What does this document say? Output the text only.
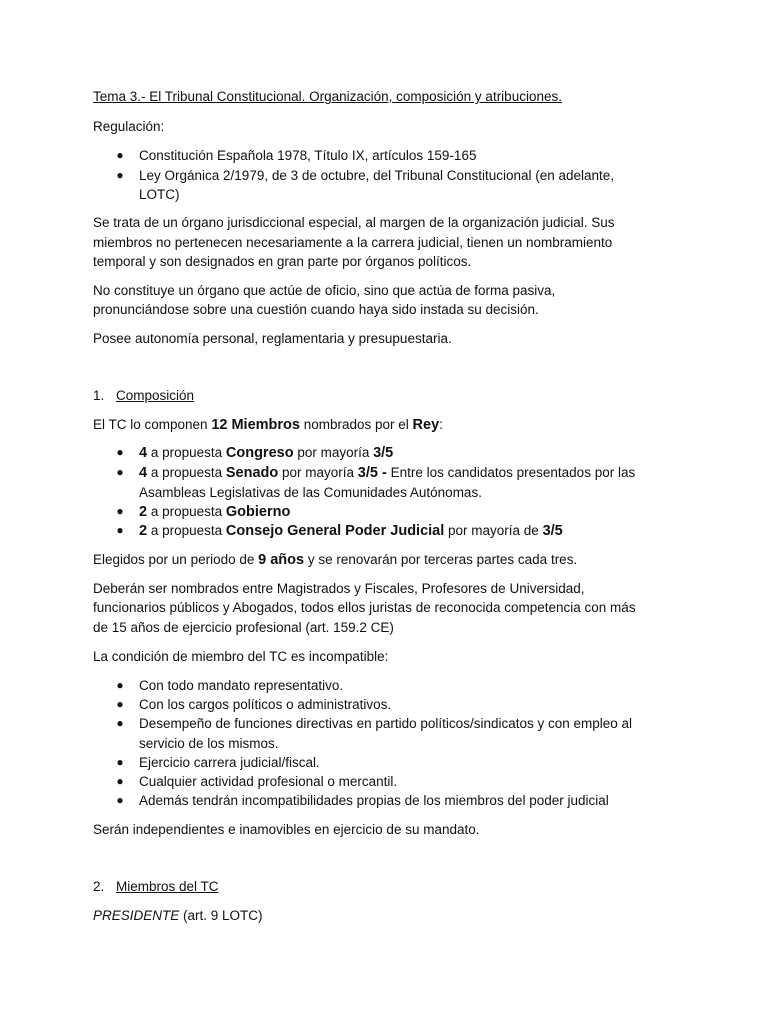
Tema 3.- El Tribunal Constitucional. Organización, composición y atribuciones.
Regulación:
●	Constitución Española 1978, Título IX, artículos 159-165
●	Ley Orgánica 2/1979, de 3 de octubre, del Tribunal Constitucional (en adelante,
LOTC)
Se trata de un órgano jurisdiccional especial, al margen de la organización judicial. Sus
miembros no pertenecen necesariamente a la carrera judicial, tienen un nombramiento
temporal y son designados en gran parte por órganos políticos.
No constituye un órgano que actúe de oficio, sino que actúa de forma pasiva,
pronunciándose sobre una cuestión cuando haya sido instada su decisión.
Posee autonomía personal, reglamentaria y presupuestaria.
1. Composición
El TC lo componen 12 Miembros nombrados por el Rey:
●	4 a propuesta Congreso por mayoría 3/5
●	4 a propuesta Senado por mayoría 3/5 - Entre los candidatos presentados por las
Asambleas Legislativas de las Comunidades Autónomas.
●	2 a propuesta Gobierno
●	2 a propuesta Consejo General Poder Judicial por mayoría de 3/5
Elegidos por un periodo de 9 años y se renovarán por terceras partes cada tres.
Deberán ser nombrados entre Magistrados y Fiscales, Profesores de Universidad,
funcionarios públicos y Abogados, todos ellos juristas de reconocida competencia con más
de 15 años de ejercicio profesional (art. 159.2 CE)
La condición de miembro del TC es incompatible:
●	Con todo mandato representativo.
●	Con los cargos políticos o administrativos.
●	Desempeño de funciones directivas en partido políticos/sindicatos y con empleo al
servicio de los mismos.
●	Ejercicio carrera judicial/fiscal.
●	Cualquier actividad profesional o mercantil.
●	Además tendrán incompatibilidades propias de los miembros del poder judicial
Serán independientes e inamovibles en ejercicio de su mandato.
2. Miembros del TC
PRESIDENTE (art. 9 LOTC)
